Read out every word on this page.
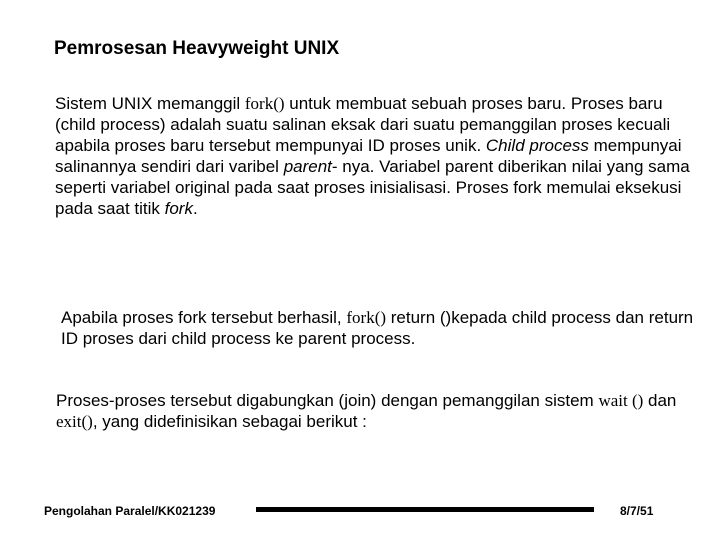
Pemrosesan Heavyweight UNIX

Sistem UNIX memanggil fork() untuk membuat sebuah proses baru. Proses baru (child process) adalah suatu salinan eksak dari suatu pemanggilan proses kecuali apabila proses baru tersebut mempunyai ID proses unik. Child process mempunyai salinannya sendiri dari varibel parent- nya. Variabel parent diberikan nilai yang sama seperti variabel original pada saat proses inisialisasi. Proses fork memulai eksekusi pada saat titik fork.

Apabila proses fork tersebut berhasil, fork() return ()kepada child process dan return ID proses dari child process ke parent process.

Proses-proses tersebut digabungkan (join) dengan pemanggilan sistem wait () dan exit(), yang didefinisikan sebagai berikut :

Pengolahan Paralel/KK021239	8/7/51
